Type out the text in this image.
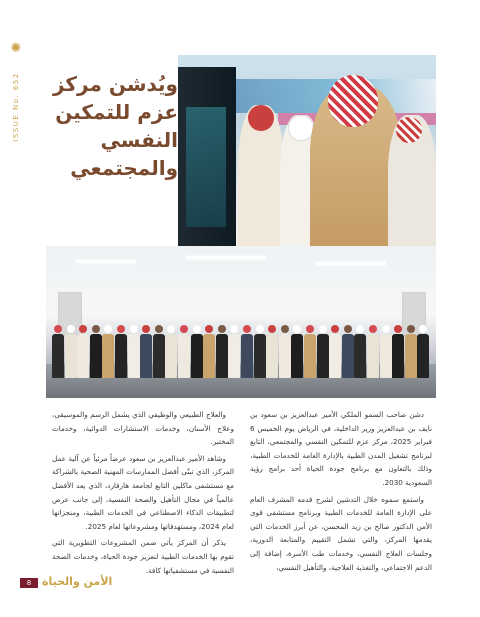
✺
ISSUE No. 652 ويُدشن مركز
عزم للتمكين
النفسي
والمجتمعي

دشن صاحب السمو الملكي الأمير عبدالعزيز بن سعود بن نايف بن عبدالعزيز وزير الداخلية، في الرياض يوم الخميس 6 فبراير 2025، مركز عزم للتمكين النفسي والمجتمعي، التابع لبرنامج تشغيل المدن الطبية بالإدارة العامة للخدمات الطبية، وذلك بالتعاون مع برنامج جودة الحياة أحد برامج رؤية السعودية 2030.

واستمع سموه خلال التدشين لشرح قدمه المشرف العام على الإدارة العامة للخدمات الطبية وبرنامج مستشفى قوى الأمن الدكتور صالح بن زيد المحسن، عن أبرز الخدمات التي يقدمها المركز، والتي تشمل التقييم والمتابعة الدورية، وجلسات العلاج النفسي، وخدمات طب الأسرة، إضافة إلى الدعم الاجتماعي، والتغذية العلاجية، والتأهيل النفسي،

والعلاج الطبيعي والوظيفي الذي يشمل الرسم والموسيقى، وعلاج الأسنان، وخدمات الاستشارات الدوائية، وخدمات المختبر.

وشاهد الأمير عبدالعزيز بن سعود عرضاً مرئياً عن آلية عمل المركز، الذي تبنّى أفضل الممارسات المهنية الصحية بالشراكة مع مستشفى ماكلين التابع لجامعة هارفارد، الذي يعد الأفضل عالمياً في مجال التأهيل والصحة النفسية، إلى جانب عرض لتطبيقات الذكاء الاصطناعي في الخدمات الطبية، ومنجزاتها لعام 2024، ومستهدفاتها ومشروعاتها لعام 2025.

يذكر أن المركز يأتي ضمن المشروعات التطويرية التي تقوم بها الخدمات الطبية لتعزيز جودة الحياة، وخدمات الصحة النفسية في مستشفياتها كافة.

8 الأمن والحياة
